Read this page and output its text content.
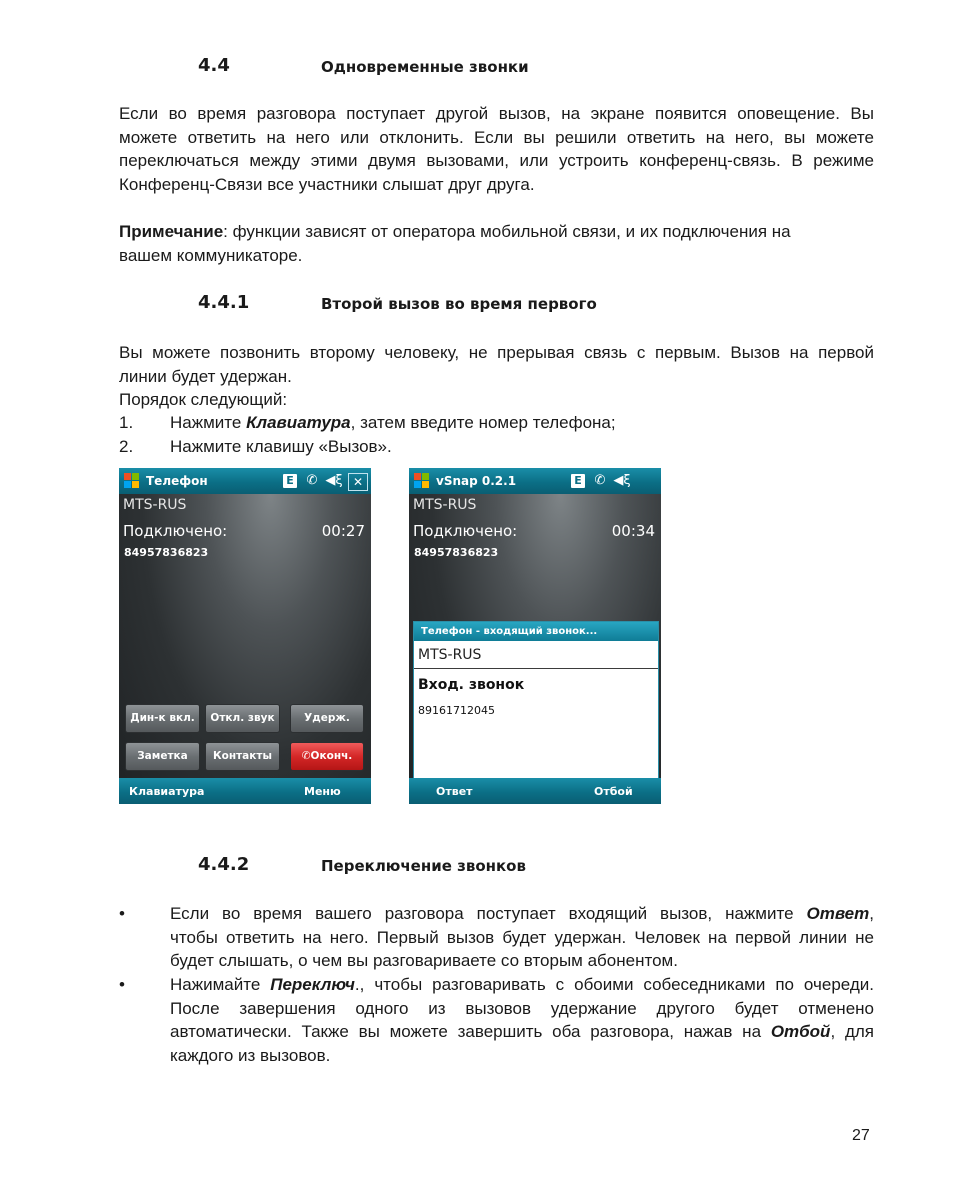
4.4	Одновременные звонки
Если во время разговора поступает другой вызов, на экране появится оповещение. Вы
можете ответить на него или отклонить. Если вы решили ответить на него, вы можете
переключаться между этими двумя вызовами, или устроить конференц-связь. В режиме
Конференц-Связи все участники слышат друг друга.
Примечание: функции зависят от оператора мобильной связи, и их подключения на
вашем коммуникаторе.
4.4.1	Второй вызов во время первого
Вы можете позвонить второму человеку, не прерывая связь с первым. Вызов на первой
линии будет удержан.
Порядок следующий:
1. Нажмите Клавиатура, затем введите номер телефона;
2. Нажмите клавишу «Вызов».
Телефон	E ✆ ◀ξ ✕
MTS-RUS
Подключено:	00:27
84957836823
Дин-к вкл.	Откл. звук	Удерж.
Заметка	Контакты	✆Оконч.
Клавиатура	Меню
vSnap 0.2.1	E ✆ ◀ξ
MTS-RUS
Подключено:	00:34
84957836823
Телефон - входящий звонок...
MTS-RUS
Вход. звонок
89161712045
Ответ	Отбой
4.4.2	Переключение звонков
•	Если во время вашего разговора поступает входящий вызов, нажмите Ответ,
чтобы ответить на него. Первый вызов будет удержан. Человек на первой линии не
будет слышать, о чем вы разговариваете со вторым абонентом.
•	Нажимайте Переключ., чтобы разговаривать с обоими собеседниками по очереди.
После завершения одного из вызовов удержание другого будет отменено
автоматически. Также вы можете завершить оба разговора, нажав на Отбой, для
каждого из вызовов.
27
